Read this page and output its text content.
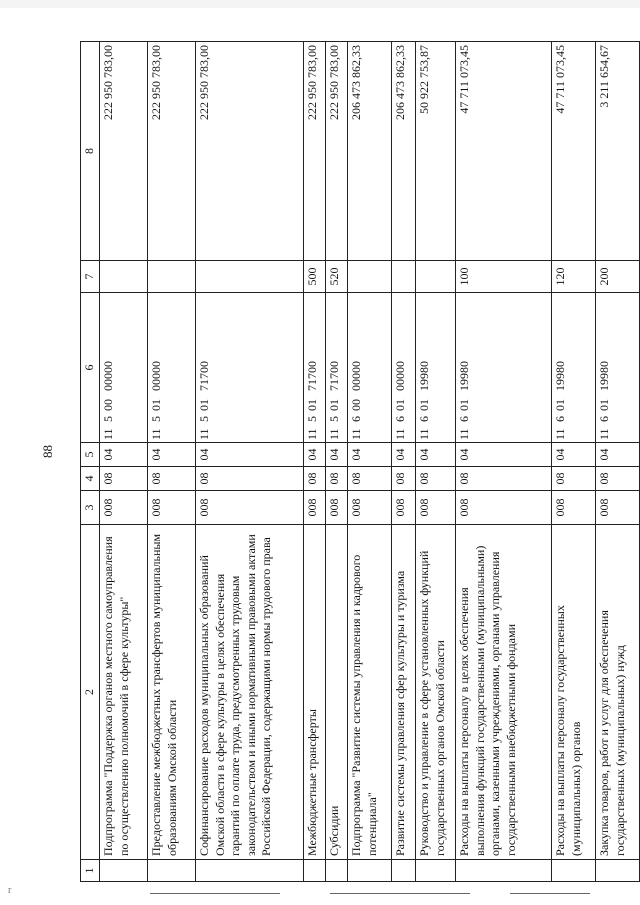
88
1	2	3	4	5	6	7	8
	Подпрограмма "Поддержка органов местного самоуправления по осуществлению полномочий в сфере культуры"	008	08	04	1150000000		222 950 783,00
	Предоставление межбюджетных трансфертов муниципальным образованиям Омской области	008	08	04	1150100000		222 950 783,00
	Софинансирование расходов муниципальных образований Омской области в сфере культуры в целях обеспечения гарантий по оплате труда, предусмотренных трудовым законодательством и иными нормативными правовыми актами Российской Федерации, содержащими нормы трудового права	008	08	04	1150171700		222 950 783,00
	Межбюджетные трансферты	008	08	04	1150171700	500	222 950 783,00
	Субсидии	008	08	04	1150171700	520	222 950 783,00
	Подпрограмма "Развитие системы управления и кадрового потенциала"	008	08	04	1160000000		206 473 862,33
	Развитие системы управления сфер культуры и туризма	008	08	04	1160100000		206 473 862,33
	Руководство и управление в сфере установленных функций государственных органов Омской области	008	08	04	1160119980		50 922 753,87
	Расходы на выплаты персоналу в целях обеспечения выполнения функций государственными (муниципальными) органами, казенными учреждениями, органами управления государственными внебюджетными фондами	008	08	04	1160119980	100	47 711 073,45
	Расходы на выплаты персоналу государственных (муниципальных) органов	008	08	04	1160119980	120	47 711 073,45
	Закупка товаров, работ и услуг для обеспечения государственных (муниципальных) нужд	008	08	04	1160119980	200	3 211 654,67
r
